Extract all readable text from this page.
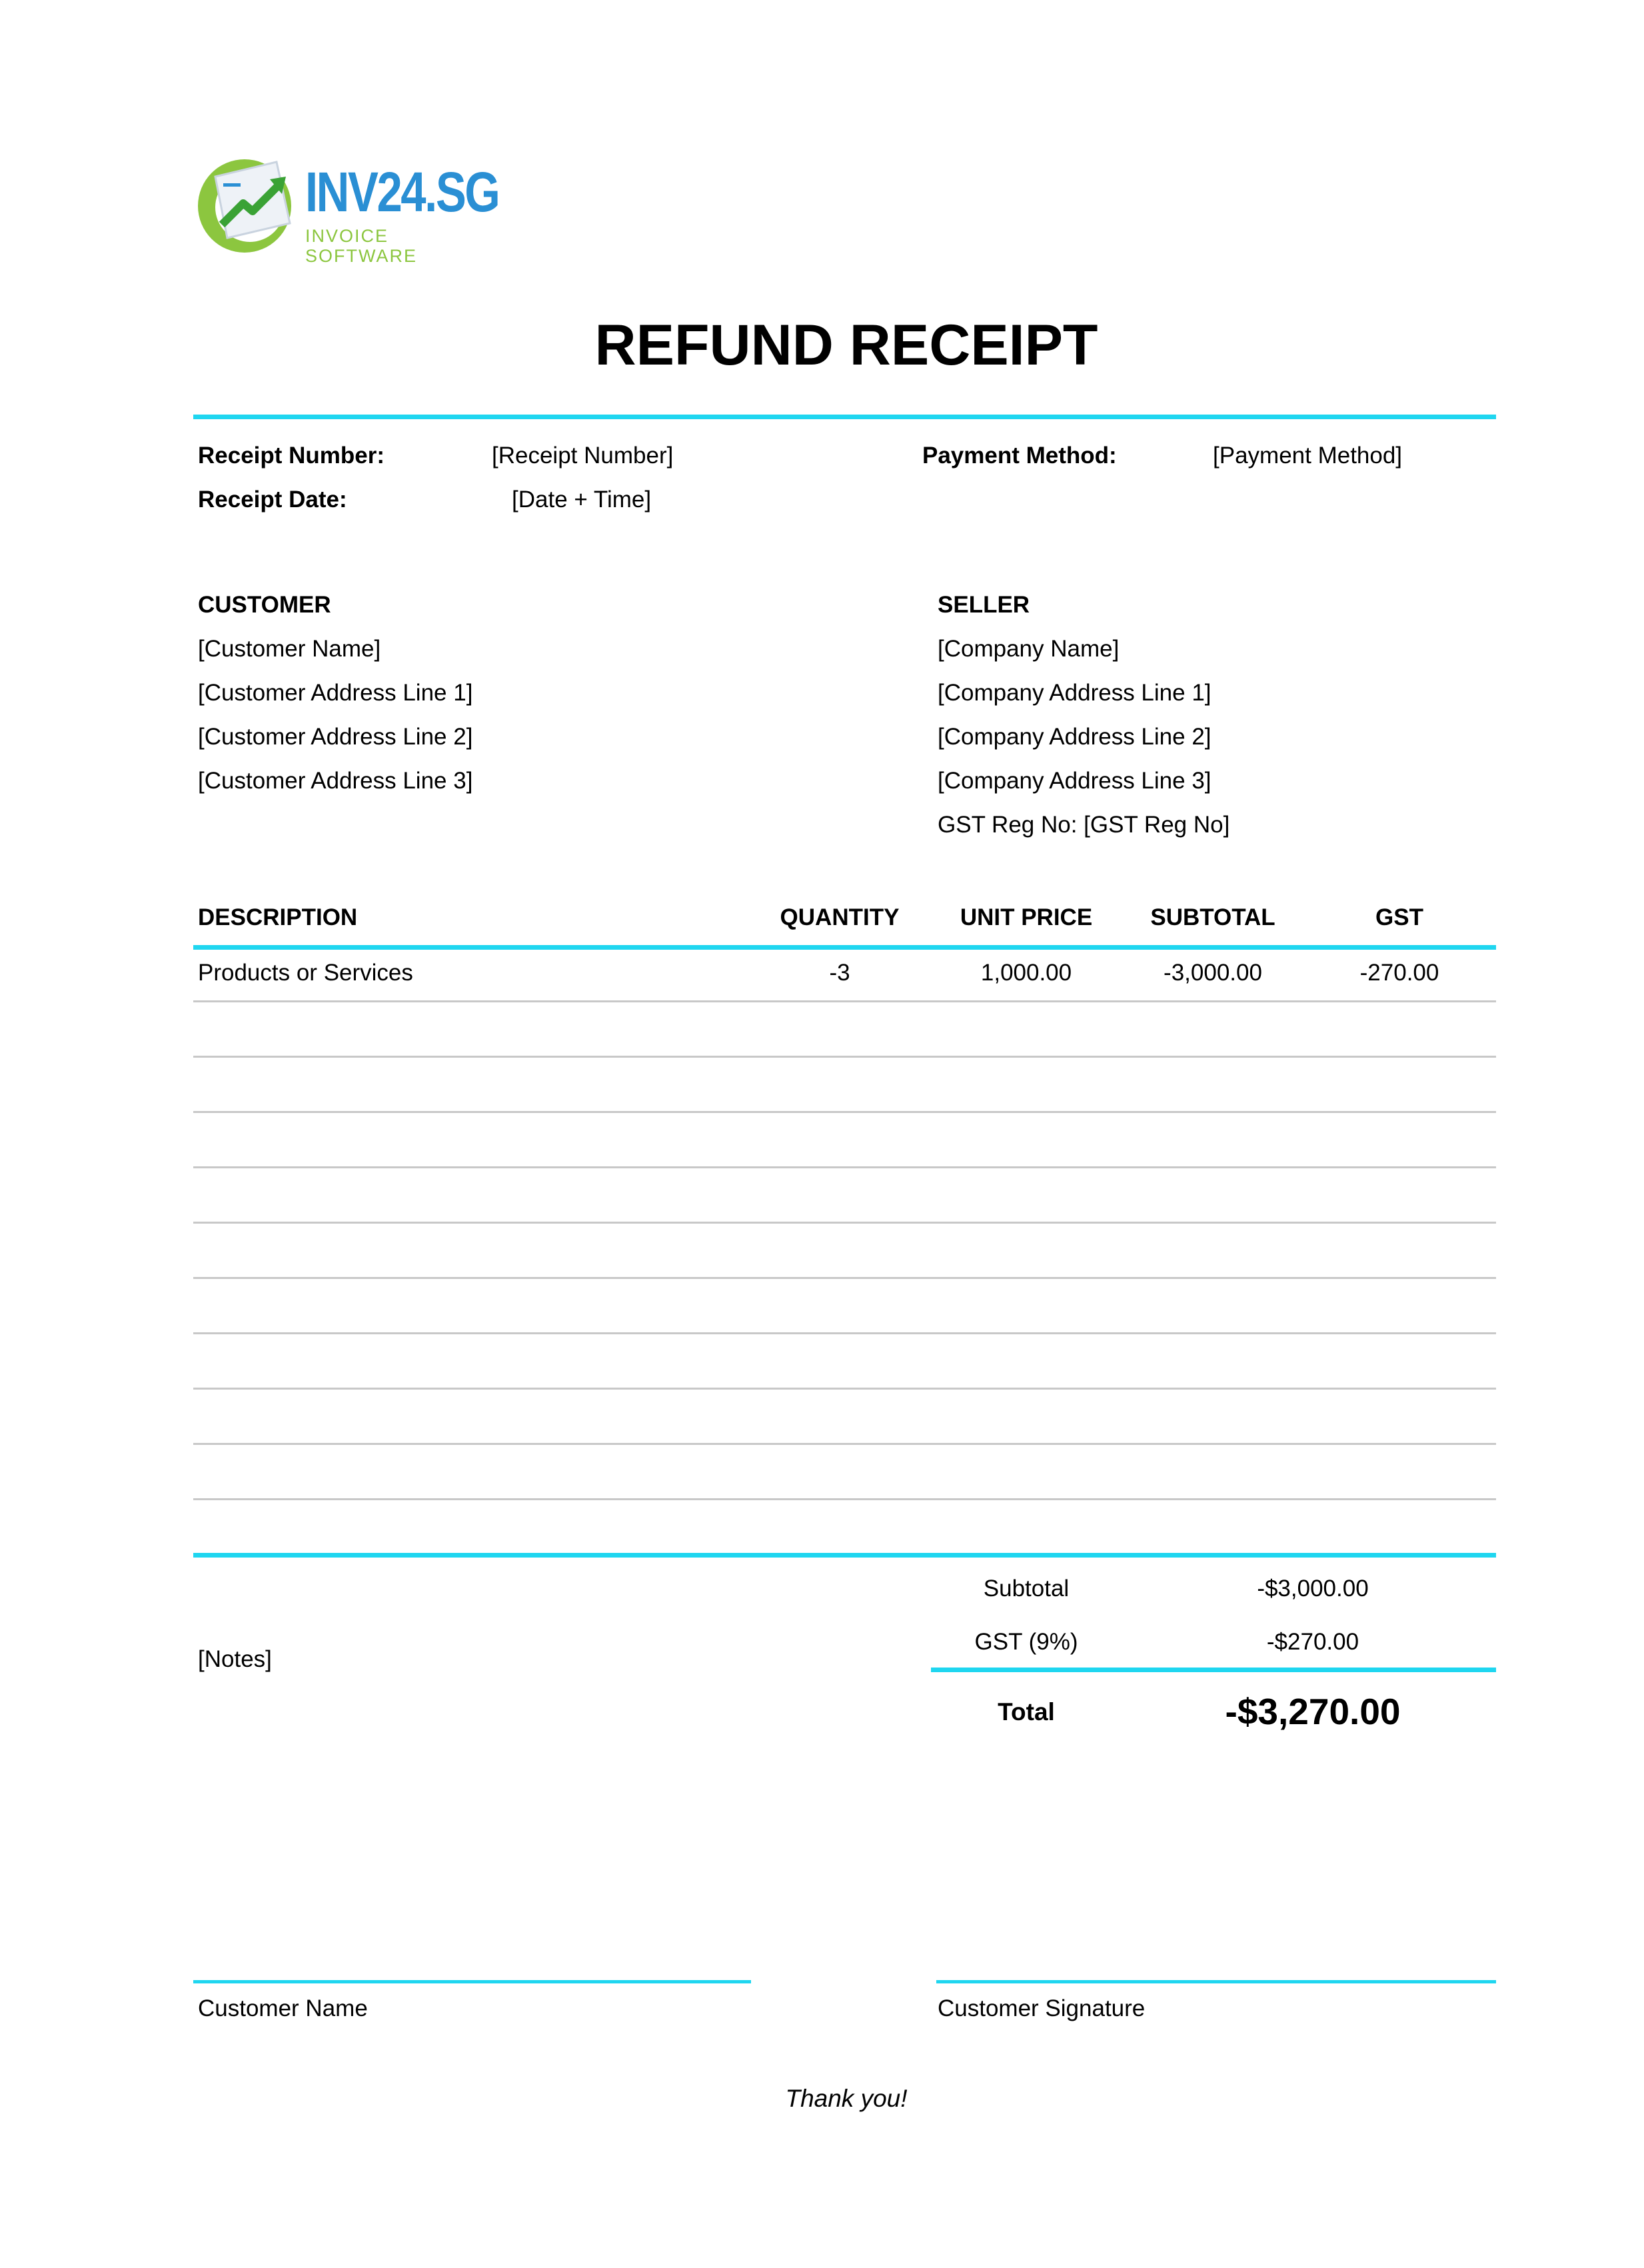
INV24.SG
INVOICE SOFTWARE
REFUND RECEIPT
Receipt Number:	[Receipt Number]
Receipt Date:	[Date + Time]
Payment Method:	[Payment Method]
CUSTOMER
[Customer Name]
[Customer Address Line 1]
[Customer Address Line 2]
[Customer Address Line 3]
SELLER
[Company Name]
[Company Address Line 1]
[Company Address Line 2]
[Company Address Line 3]
GST Reg No: [GST Reg No]
DESCRIPTION	QUANTITY	UNIT PRICE	SUBTOTAL	GST
Products or Services	-3	1,000.00	-3,000.00	-270.00
[Notes]
Subtotal	-$3,000.00
GST (9%)	-$270.00
Total	-$3,270.00
Customer Name	Customer Signature
Thank you!
